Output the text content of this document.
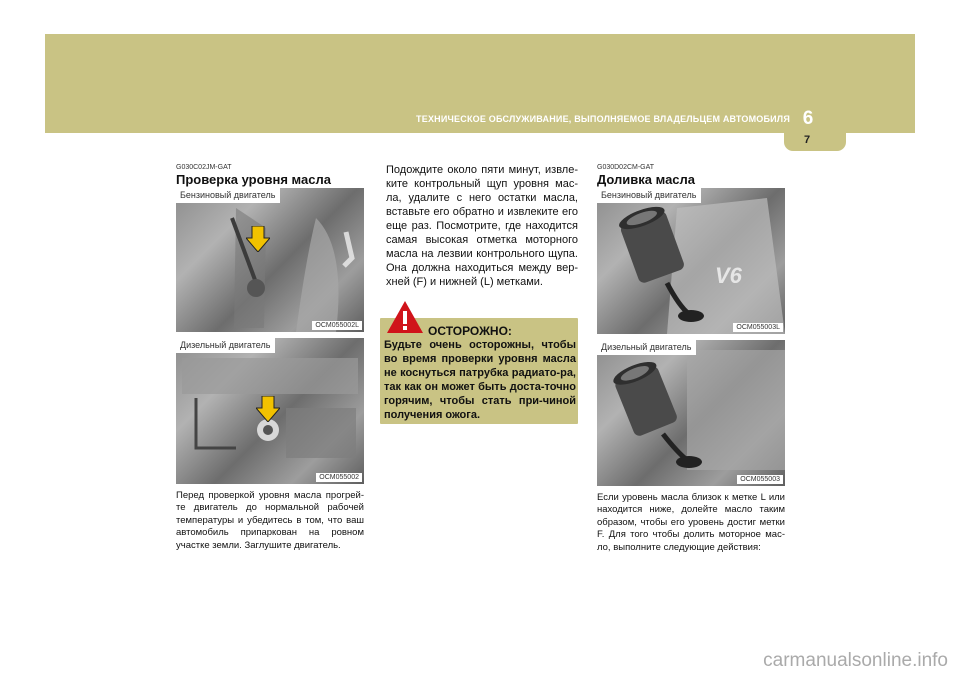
ТЕХНИЧЕСКОЕ ОБСЛУЖИВАНИЕ, ВЫПОЛНЯЕМОЕ ВЛАДЕЛЬЦЕМ АВТОМОБИЛЯ 6
7
G030C02JM-GAT
Проверка уровня масла
Бензиновый двигатель
OCM055002L
Дизельный двигатель
OCM055002

Перед проверкой уровня масла прогрей-те двигатель до нормальной рабочей температуры и убедитесь в том, что ваш автомобиль припаркован на ровном участке земли. Заглушите двигатель.

Подождите около пяти минут, извле-ките контрольный щуп уровня мас-ла, удалите с него остатки масла, вставьте его обратно и извлеките его еще раз. Посмотрите, где находится самая высокая отметка моторного масла на лезвии контрольного щупа. Она должна находиться между вер-хней (F) и нижней (L) метками.

ОСТОРОЖНО:

Будьте очень осторожны, чтобы во время проверки уровня масла не коснуться патрубка радиато-ра, так как он может быть доста-точно горячим, чтобы стать при-чиной получения ожога.

G030D02CM-GAT
Доливка масла
V6
Бензиновый двигатель
OCM055003L
Дизельный двигатель
OCM055003

Если уровень масла близок к метке L или находится ниже, долейте масло таким образом, чтобы его уровень достиг метки F. Для того чтобы долить моторное мас-ло, выполните следующие действия:

carmanualsonline.info
